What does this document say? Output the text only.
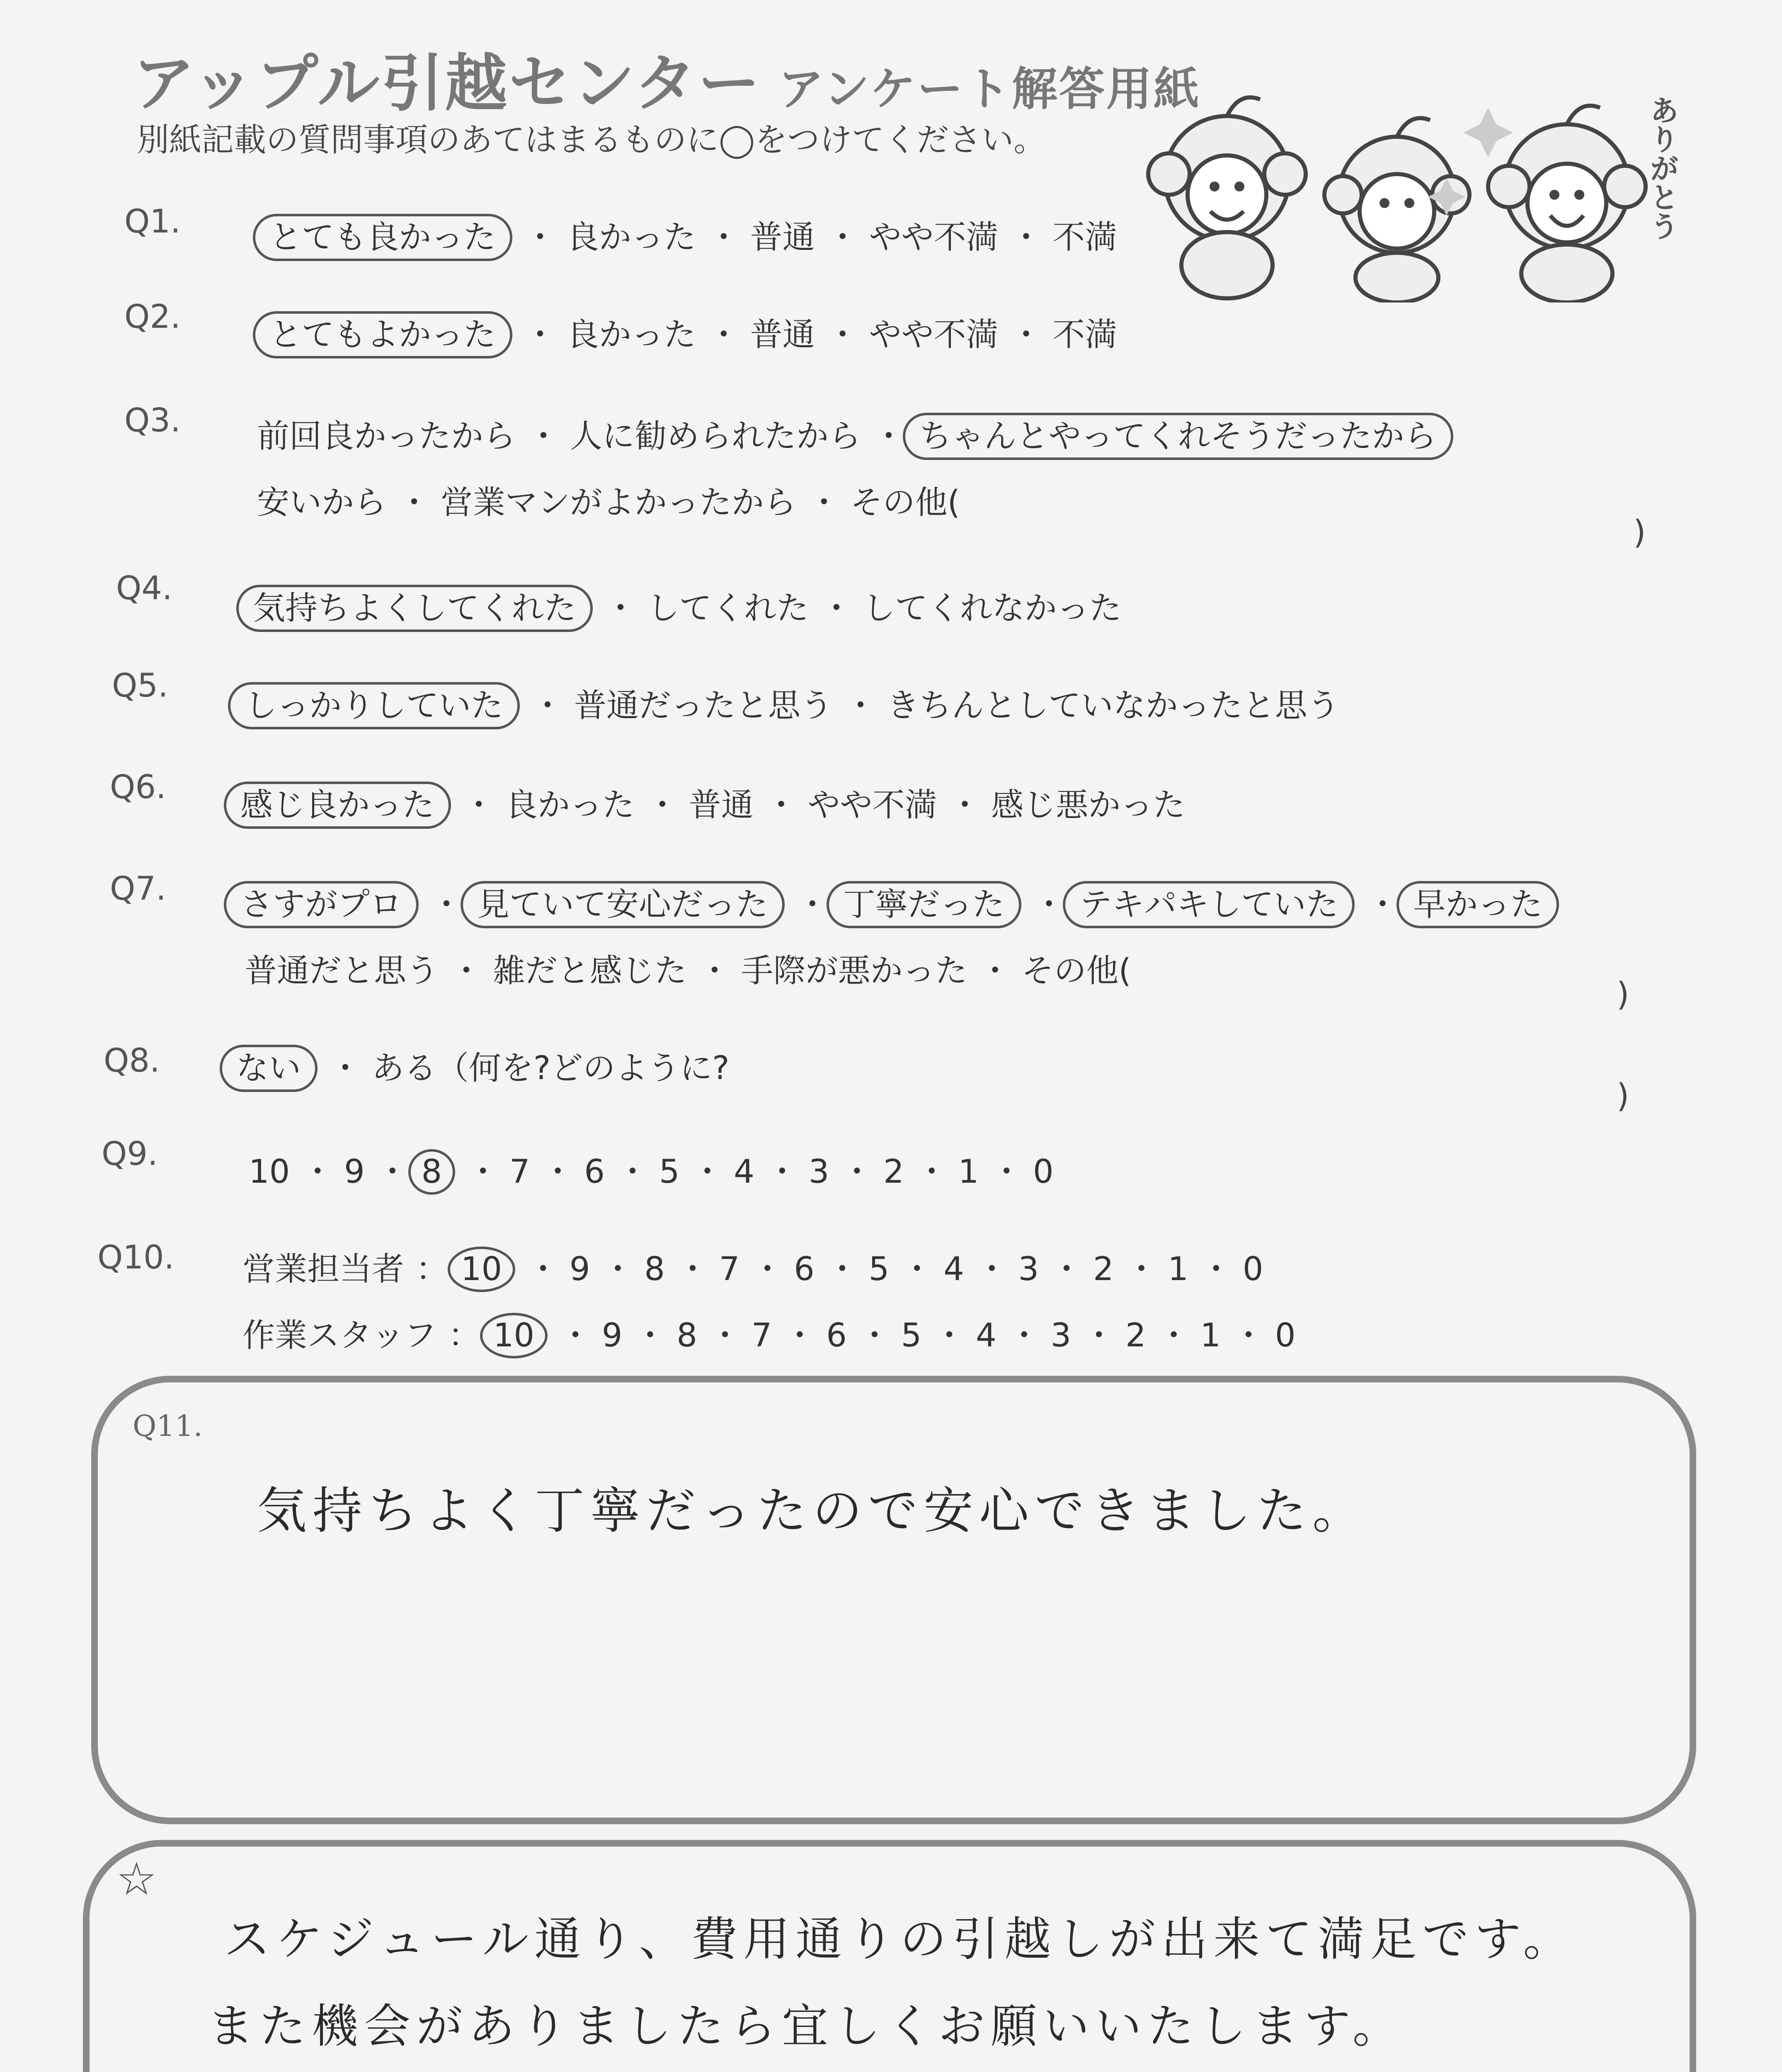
アップル引越センター アンケート解答用紙
別紙記載の質問事項のあてはまるものに◯をつけてください。	ありがとう
Q1.	とても良かった ・ 良かった ・ 普通 ・ やや不満 ・ 不満
Q2.	とてもよかった ・ 良かった ・ 普通 ・ やや不満 ・ 不満
Q3. 前回良かったから ・ 人に勧められたから ・ ちゃんとやってくれそうだったから
安いから ・ 営業マンがよかったから ・ その他(
)
Q4.
気持ちよくしてくれた ・ してくれた ・ してくれなかった
Q5.
しっかりしていた ・ 普通だったと思う ・ きちんとしていなかったと思う
Q6. 感じ良かった ・ 良かった ・ 普通 ・ やや不満 ・ 感じ悪かった
Q7. さすがプロ ・ 見ていて安心だった ・ 丁寧だった ・ テキパキしていた ・ 早かった
普通だと思う ・ 雑だと感じた ・ 手際が悪かった ・ その他(
)
Q8. ない ・ ある（何を?どのように?
)
Q9.	10 ・ 9 ・ 8 ・ 7 ・ 6 ・ 5 ・ 4 ・ 3 ・ 2 ・ 1 ・ 0
Q10. 営業担当者 ： 10 ・ 9 ・ 8 ・ 7 ・ 6 ・ 5 ・ 4 ・ 3 ・ 2 ・ 1 ・ 0
作業スタッフ ： 10 ・ 9 ・ 8 ・ 7 ・ 6 ・ 5 ・ 4 ・ 3 ・ 2 ・ 1 ・ 0
Q11.
気持ちよく丁寧だったので安心できました。
☆
スケジュール通り、費用通りの引越しが出来て満足です。
また機会がありましたら宜しくお願いいたします。
